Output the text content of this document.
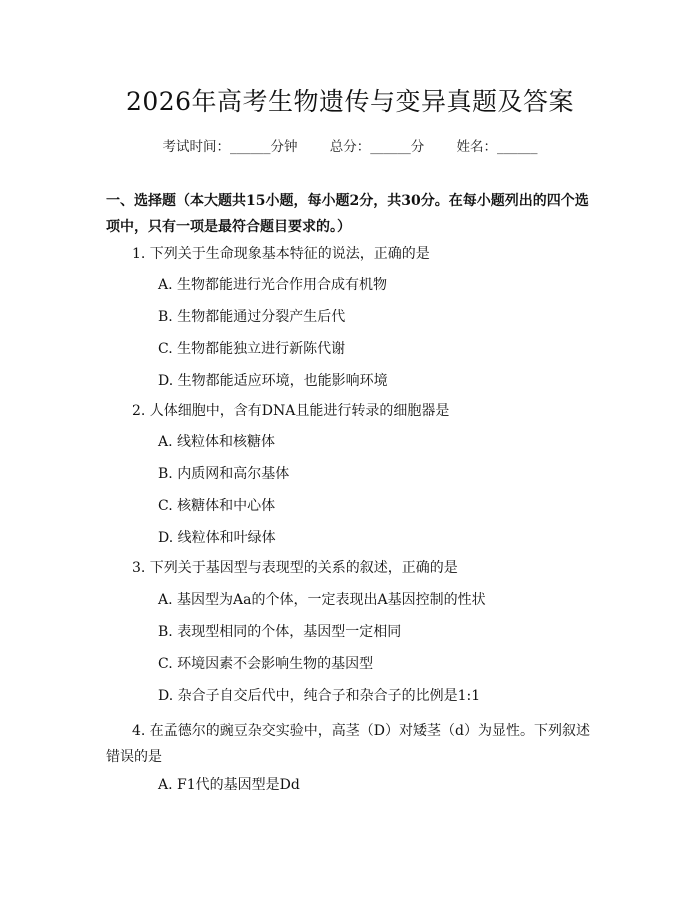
2026年高考生物遗传与变异真题及答案
考试时间：______分钟 总分：______分 姓名：______
一、选择题（本大题共15小题，每小题2分，共30分。在每小题列出的四个选项中，只有一项是最符合题目要求的。）
1. 下列关于生命现象基本特征的说法，正确的是
A. 生物都能进行光合作用合成有机物
B. 生物都能通过分裂产生后代
C. 生物都能独立进行新陈代谢
D. 生物都能适应环境，也能影响环境
2. 人体细胞中，含有DNA且能进行转录的细胞器是
A. 线粒体和核糖体
B. 内质网和高尔基体
C. 核糖体和中心体
D. 线粒体和叶绿体
3. 下列关于基因型与表现型的关系的叙述，正确的是
A. 基因型为Aa的个体，一定表现出A基因控制的性状
B. 表现型相同的个体，基因型一定相同
C. 环境因素不会影响生物的基因型
D. 杂合子自交后代中，纯合子和杂合子的比例是1:1
4. 在孟德尔的豌豆杂交实验中，高茎（D）对矮茎（d）为显性。下列叙述错误的是
A. F1代的基因型是Dd
